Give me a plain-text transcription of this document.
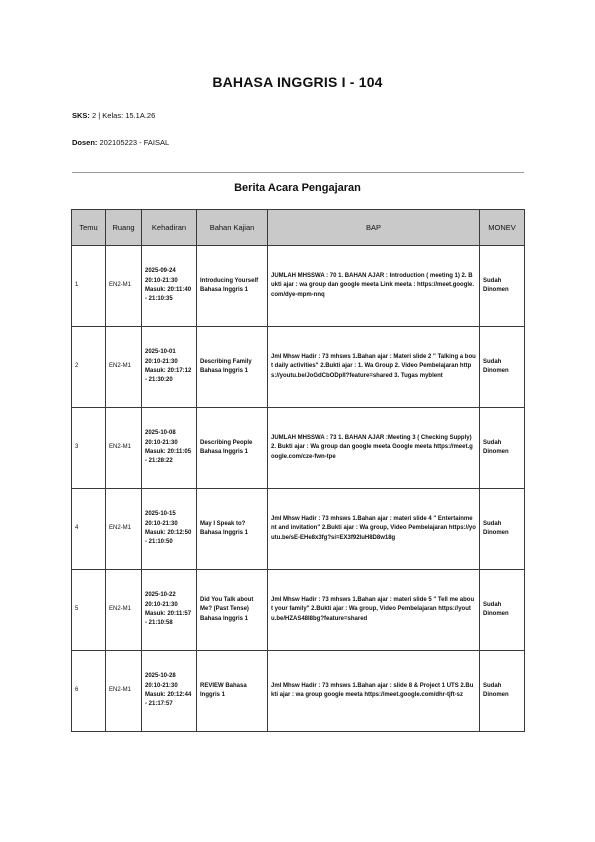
BAHASA INGGRIS I - 104
SKS: 2 | Kelas: 15.1A.26
Dosen: 202105223 - FAISAL
Berita Acara Pengajaran
Temu	Ruang	Kehadiran	Bahan Kajian	BAP	MONEV
1	EN2-M1	2025-09-24 20:10-21:30 Masuk: 20:11:40 - 21:10:35	Introducing Yourself Bahasa Inggris 1	JUMLAH MHSSWA : 70 1. BAHAN AJAR : Introduction ( meeting 1) 2. Bukti ajar : wa group dan google meeta Link meeta : https://meet.google.com/dye-mpm-nnq	Sudah Dinomen
2	EN2-M1	2025-10-01 20:10-21:30 Masuk: 20:17:12 - 21:30:20	Describing Family Bahasa Inggris 1	Jml Mhsw Hadir : 73 mhsws 1.Bahan ajar : Materi slide 2 " Talking a bout daily activities" 2.Bukti ajar : 1. Wa Group 2. Video Pembelajaran https://youtu.be/JoGdCbODpII?feature=shared 3. Tugas myblent	Sudah Dinomen
3	EN2-M1	2025-10-08 20:10-21:30 Masuk: 20:11:05 - 21:28:22	Describing People Bahasa Inggris 1	JUMLAH MHSSWA : 73 1. BAHAN AJAR :Meeting 3 ( Checking Supply) 2. Bukti ajar : Wa group dan google meeta Google meeta https://meet.google.com/cze-fwn-tpe	Sudah Dinomen
4	EN2-M1	2025-10-15 20:10-21:30 Masuk: 20:12:50 - 21:10:50	May I Speak to? Bahasa Inggris 1	Jml Mhsw Hadir : 73 mhsws 1.Bahan ajar : materi slide 4 " Entertainment and invitation" 2.Bukti ajar : Wa group, Video Pembelajaran https://youtu.be/sE-EHe8x3fg?si=EX3f92IuH8D8w18g	Sudah Dinomen
5	EN2-M1	2025-10-22 20:10-21:30 Masuk: 20:11:57 - 21:10:58	Did You Talk about Me? (Past Tense) Bahasa Inggris 1	Jml Mhsw Hadir : 73 mhsws 1.Bahan ajar : materi slide 5 " Tell me about your family" 2.Bukti ajar : Wa group, Video Pembelajaran https://youtu.be/HZAS48I8bg?feature=shared	Sudah Dinomen
6	EN2-M1	2025-10-28 20:10-21:30 Masuk: 20:12:44 - 21:17:57	REVIEW Bahasa Inggris 1	Jml Mhsw Hadir : 73 mhsws 1.Bahan ajar : slide 8 & Project 1 UTS 2.Bukti ajar : wa group google meeta https://meet.google.com/dhr-tjft-sz	Sudah Dinomen
